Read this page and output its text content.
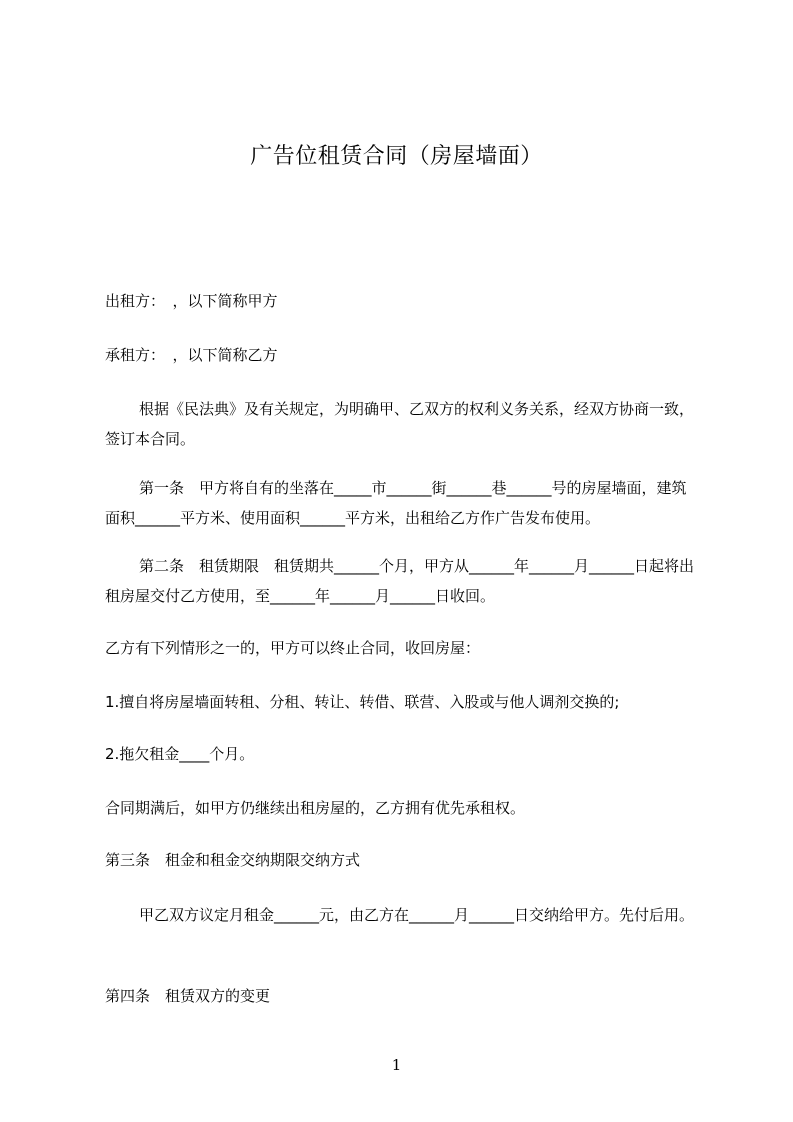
广告位租赁合同（房屋墙面）
出租方：　，以下简称甲方
承租方：　，以下简称乙方
根据《民法典》及有关规定，为明确甲、乙双方的权利义务关系，经双方协商一致，签订本合同。
第一条　甲方将自有的坐落在_____市______街______巷______号的房屋墙面，建筑面积______平方米、使用面积______平方米，出租给乙方作广告发布使用。
第二条　租赁期限　租赁期共______个月，甲方从______年______月______日起将出租房屋交付乙方使用，至______年______月______日收回。
乙方有下列情形之一的，甲方可以终止合同，收回房屋：
1.擅自将房屋墙面转租、分租、转让、转借、联营、入股或与他人调剂交换的;
2.拖欠租金____个月。
合同期满后，如甲方仍继续出租房屋的，乙方拥有优先承租权。
第三条　租金和租金交纳期限交纳方式
甲乙双方议定月租金______元，由乙方在______月______日交纳给甲方。先付后用。
第四条　租赁双方的变更
1
